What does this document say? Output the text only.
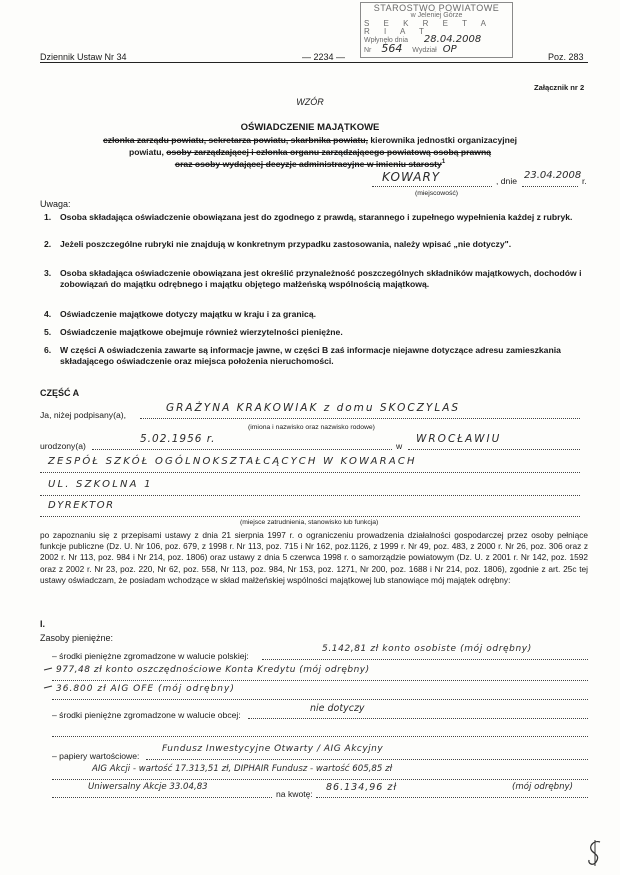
STAROSTWO POWIATOWE
w Jeleniej Górze
S E K R E T A R I A T
Wpłynęło dnia 28.04.2008
Nr 564 Wydział OP
Dziennik Ustaw Nr 34	— 2234 —	Poz. 283
Załącznik nr 2
WZÓR
OŚWIADCZENIE MAJĄTKOWE
członka zarządu powiatu, sekretarza powiatu, skarbnika powiatu, kierownika jednostki organizacyjnej
powiatu, osoby zarządzającej i członka organu zarządzającego powiatową osobą prawną
oraz osoby wydającej decyzje administracyjne w imieniu starosty$^1$
KOWARY	, dnie 23.04.2008 r.
(miejscowość)
Uwaga:
1. Osoba składająca oświadczenie obowiązana jest do zgodnego z prawdą, starannego i zupełnego wypełnienia każdej z rubryk.
2. Jeżeli poszczególne rubryki nie znajdują w konkretnym przypadku zastosowania, należy wpisać „nie dotyczy".
3. Osoba składająca oświadczenie obowiązana jest określić przynależność poszczególnych składników majątkowych, dochodów i zobowiązań do majątku odrębnego i majątku objętego małżeńską wspólnością majątkową.
4. Oświadczenie majątkowe dotyczy majątku w kraju i za granicą.
5. Oświadczenie majątkowe obejmuje również wierzytelności pieniężne.
6. W części A oświadczenia zawarte są informacje jawne, w części B zaś informacje niejawne dotyczące adresu zamieszkania składającego oświadczenie oraz miejsca położenia nieruchomości.
CZĘŚĆ A
Ja, niżej podpisany(a),
GRAŻYNA KRAKOWIAK z domu SKOCZYLAS
(imiona i nazwisko oraz nazwisko rodowe)
urodzony(a)
5.02.1956 r.
w
WROCŁAWIU
ZESPÓŁ SZKÓŁ OGÓLNOKSZTAŁCĄCYCH W KOWARACH
UL. SZKOLNA 1
DYREKTOR
(miejsce zatrudnienia, stanowisko lub funkcja)
po zapoznaniu się z przepisami ustawy z dnia 21 sierpnia 1997 r. o ograniczeniu prowadzenia działalności gospodarczej przez osoby pełniące funkcje publiczne (Dz. U. Nr 106, poz. 679, z 1998 r. Nr 113, poz. 715 i Nr 162, poz.1126, z 1999 r. Nr 49, poz. 483, z 2000 r. Nr 26, poz. 306 oraz z 2002 r. Nr 113, poz. 984 i Nr 214, poz. 1806) oraz ustawy z dnia 5 czerwca 1998 r. o samorządzie powiatowym (Dz. U. z 2001 r. Nr 142, poz. 1592 oraz z 2002 r. Nr 23, poz. 220, Nr 62, poz. 558, Nr 113, poz. 984, Nr 153, poz. 1271, Nr 200, poz. 1688 i Nr 214, poz. 1806), zgodnie z art. 25c tej ustawy oświadczam, że posiadam wchodzące w skład małżeńskiej wspólności majątkowej lub stanowiące mój majątek odrębny:
I.
Zasoby pieniężne:
– środki pieniężne zgromadzone w walucie polskiej:
5.142,81 zł konto osobiste (mój odrębny)
977,48 zł konto oszczędnościowe Konta Kredytu (mój odrębny)
36.800 zł AIG OFE (mój odrębny)
– środki pieniężne zgromadzone w walucie obcej:
nie dotyczy
– papiery wartościowe:
Fundusz Inwestycyjne Otwarty / AIG Akcyjny
AIG Akcji - wartość 17.313,51 zł, DIPHAIR Fundusz - wartość 605,85 zł
Uniwersalny Akcje 33.04,83
na kwotę:
86.134,96 zł	(mój odrębny)
